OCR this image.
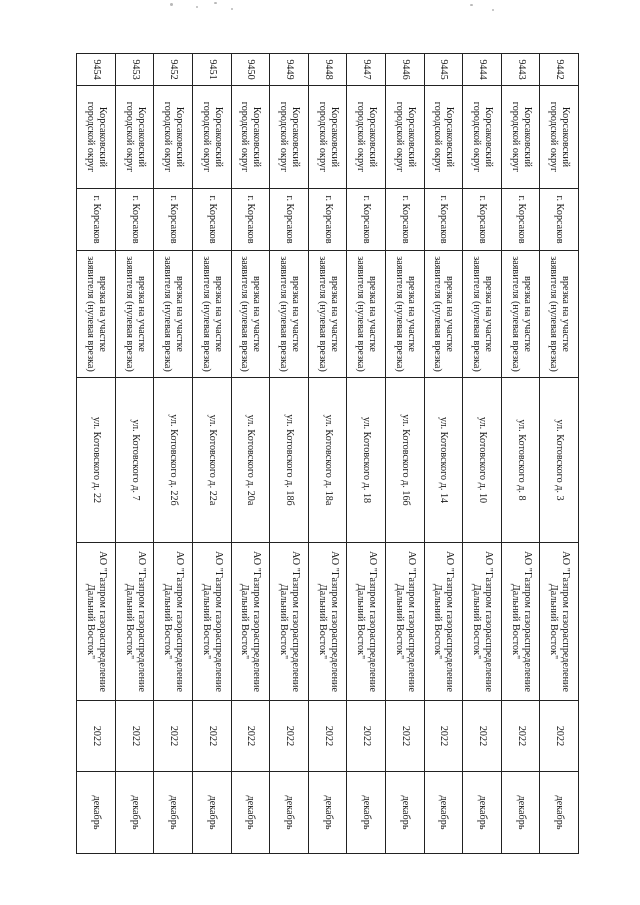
9442	Корсаковский городской округ	г. Корсаков	врезка на участке заявителя (нулевая врезка)	ул. Котовского д. 3	АО "Газпром газораспределение Дальний Восток"	2022	декабрь
9443	Корсаковский городской округ	г. Корсаков	врезка на участке заявителя (нулевая врезка)	ул. Котовского д. 8	АО "Газпром газораспределение Дальний Восток"	2022	декабрь
9444	Корсаковский городской округ	г. Корсаков	врезка на участке заявителя (нулевая врезка)	ул. Котовского д. 10	АО "Газпром газораспределение Дальний Восток"	2022	декабрь
9445	Корсаковский городской округ	г. Корсаков	врезка на участке заявителя (нулевая врезка)	ул. Котовского д. 14	АО "Газпром газораспределение Дальний Восток"	2022	декабрь
9446	Корсаковский городской округ	г. Корсаков	врезка на участке заявителя (нулевая врезка)	ул. Котовского д. 16б	АО "Газпром газораспределение Дальний Восток"	2022	декабрь
9447	Корсаковский городской округ	г. Корсаков	врезка на участке заявителя (нулевая врезка)	ул. Котовского д. 18	АО "Газпром газораспределение Дальний Восток"	2022	декабрь
9448	Корсаковский городской округ	г. Корсаков	врезка на участке заявителя (нулевая врезка)	ул. Котовского д. 18а	АО "Газпром газораспределение Дальний Восток"	2022	декабрь
9449	Корсаковский городской округ	г. Корсаков	врезка на участке заявителя (нулевая врезка)	ул. Котовского д. 18б	АО "Газпром газораспределение Дальний Восток"	2022	декабрь
9450	Корсаковский городской округ	г. Корсаков	врезка на участке заявителя (нулевая врезка)	ул. Котовского д. 20а	АО "Газпром газораспределение Дальний Восток"	2022	декабрь
9451	Корсаковский городской округ	г. Корсаков	врезка на участке заявителя (нулевая врезка)	ул. Котовского д. 22а	АО "Газпром газораспределение Дальний Восток"	2022	декабрь
9452	Корсаковский городской округ	г. Корсаков	врезка на участке заявителя (нулевая врезка)	ул. Котовского д. 22б	АО "Газпром газораспределение Дальний Восток"	2022	декабрь
9453	Корсаковский городской округ	г. Корсаков	врезка на участке заявителя (нулевая врезка)	ул. Котовского д. 7	АО "Газпром газораспределение Дальний Восток"	2022	декабрь
9454	Корсаковский городской округ	г. Корсаков	врезка на участке заявителя (нулевая врезка)	ул. Котовского д. 22	АО "Газпром газораспределение Дальний Восток"	2022	декабрь
